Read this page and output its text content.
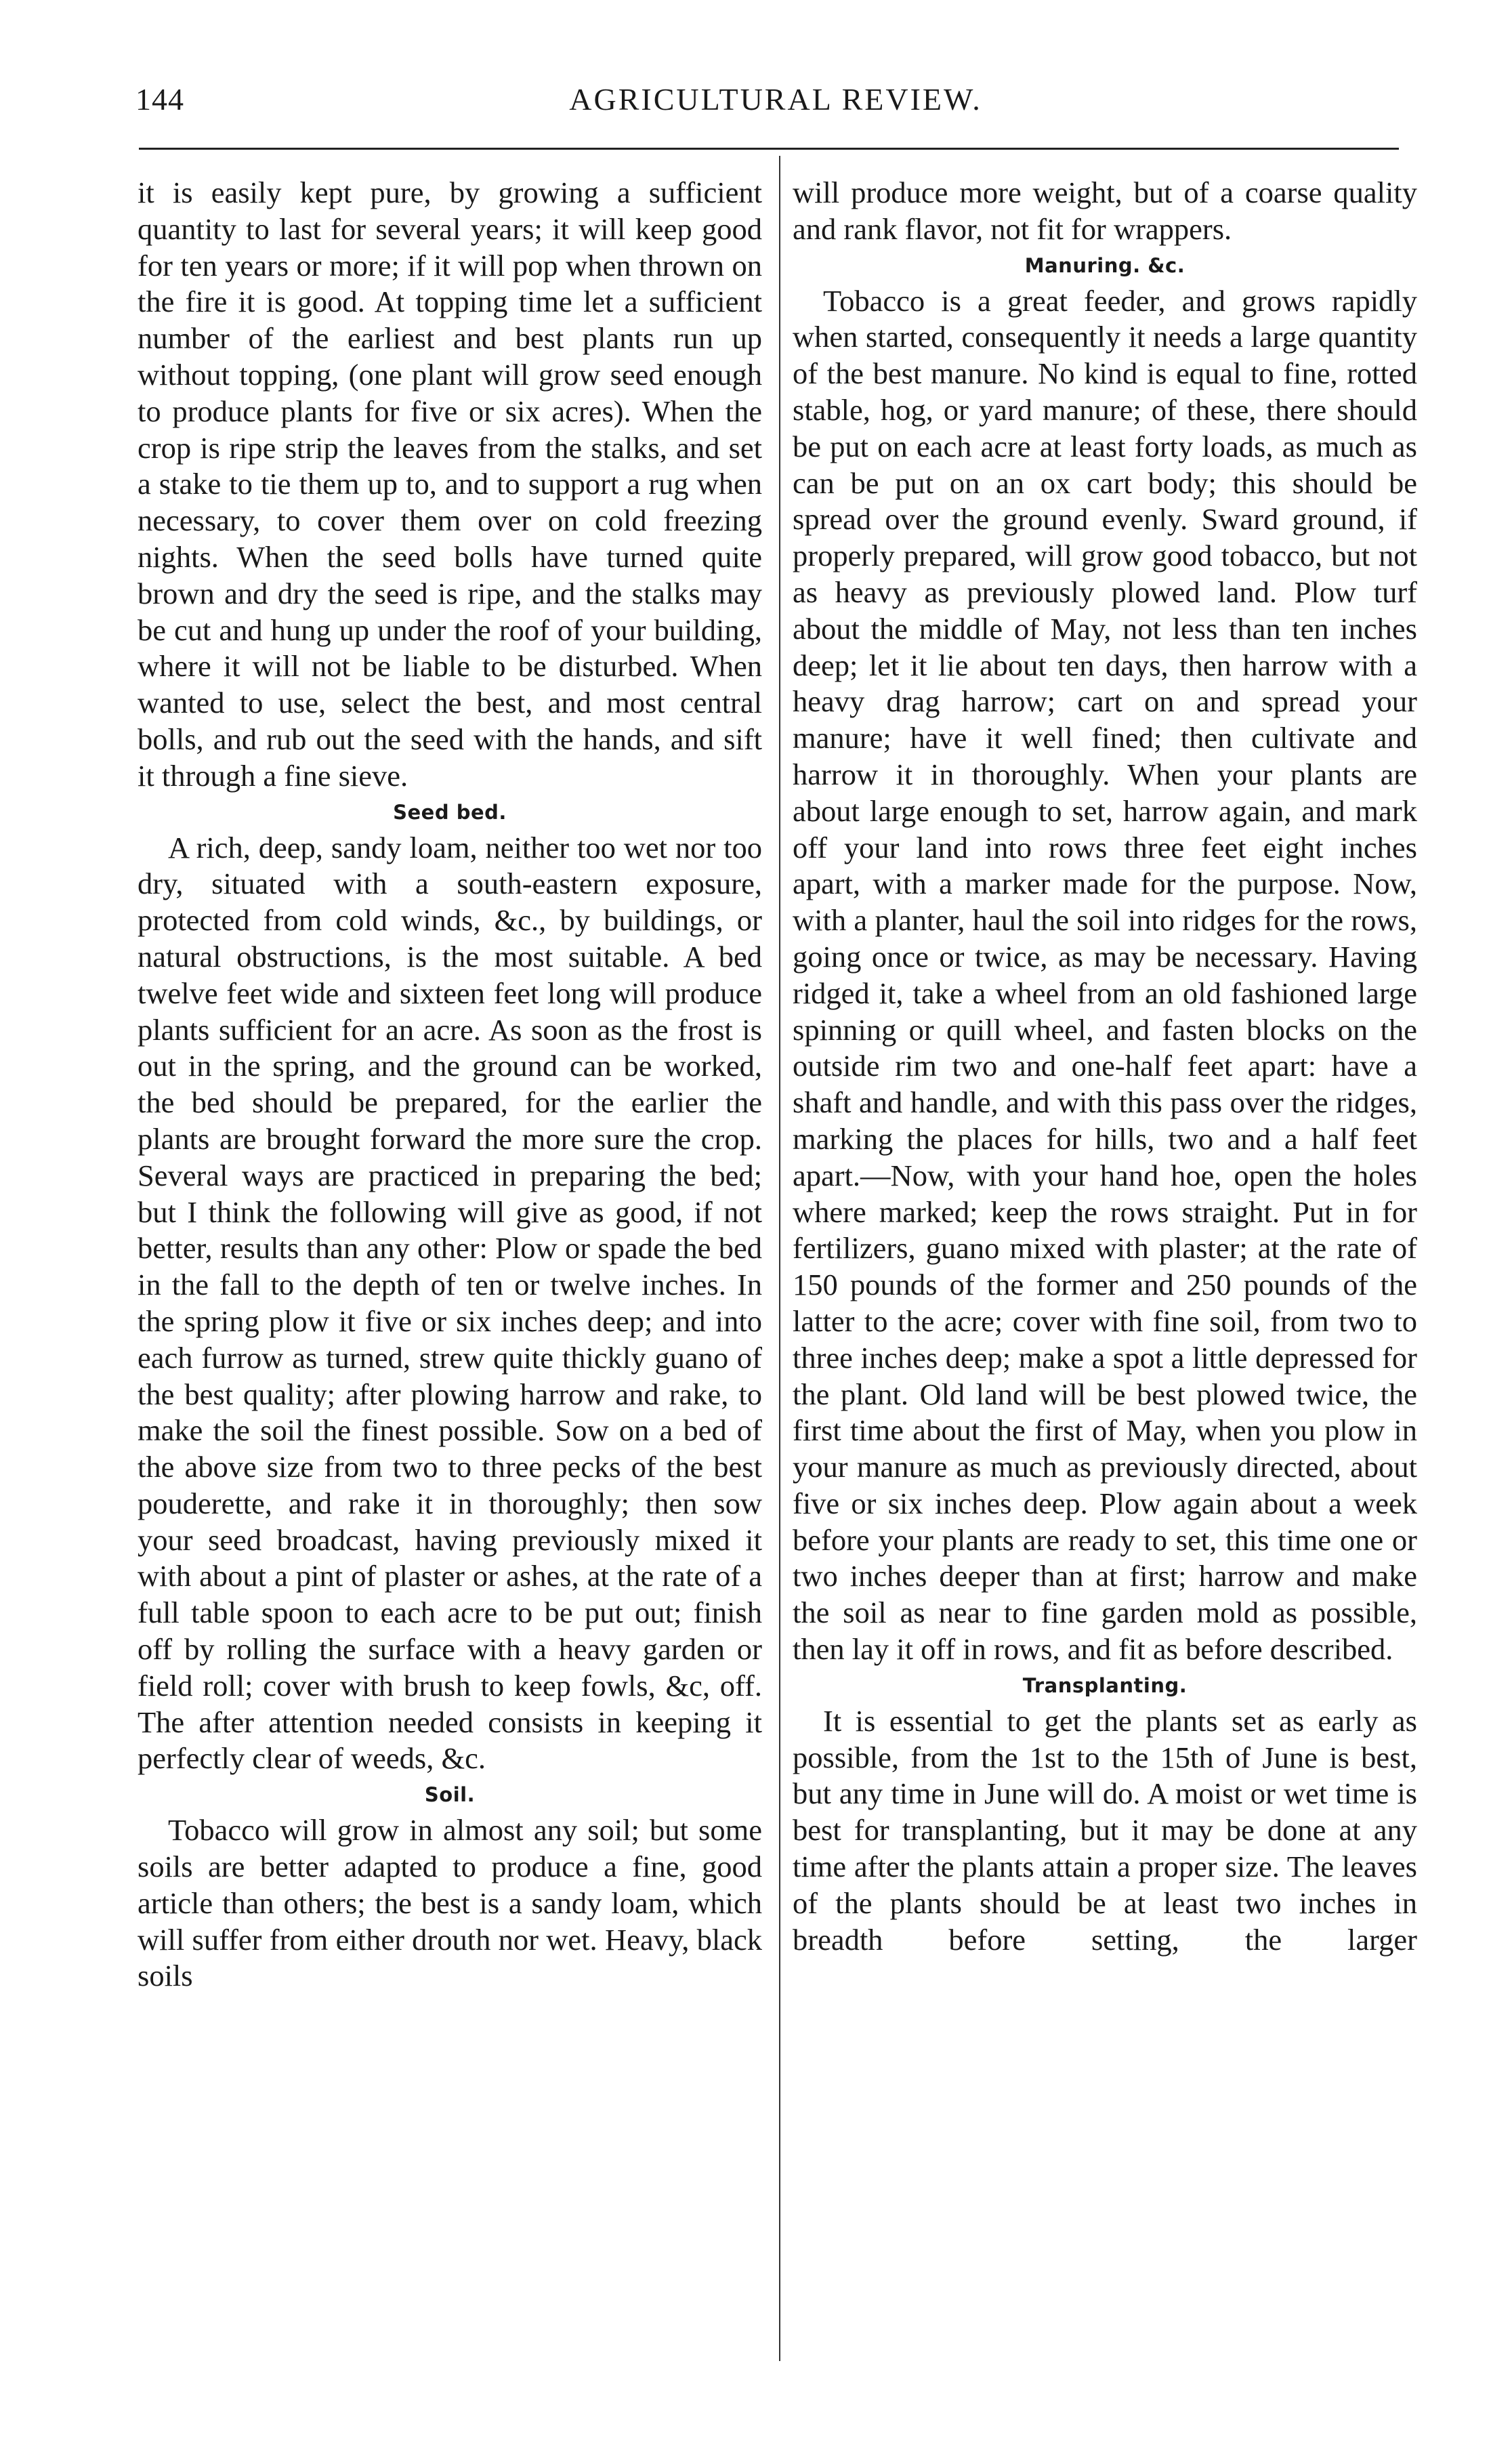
144	AGRICULTURAL REVIEW.

it is easily kept pure, by growing a sufficient quantity to last for several years; it will keep good for ten years or more; if it will pop when thrown on the fire it is good. At topping time let a sufficient number of the earliest and best plants run up without topping, (one plant will grow seed enough to produce plants for five or six acres). When the crop is ripe strip the leaves from the stalks, and set a stake to tie them up to, and to support a rug when necessary, to cover them over on cold freezing nights. When the seed bolls have turned quite brown and dry the seed is ripe, and the stalks may be cut and hung up under the roof of your building, where it will not be liable to be disturbed. When wanted to use, select the best, and most central bolls, and rub out the seed with the hands, and sift it through a fine sieve.

Seed bed.

A rich, deep, sandy loam, neither too wet nor too dry, situated with a south-eastern exposure, protected from cold winds, &c., by buildings, or natural obstructions, is the most suitable. A bed twelve feet wide and sixteen feet long will produce plants sufficient for an acre. As soon as the frost is out in the spring, and the ground can be worked, the bed should be prepared, for the earlier the plants are brought forward the more sure the crop. Several ways are practiced in preparing the bed; but I think the following will give as good, if not better, results than any other: Plow or spade the bed in the fall to the depth of ten or twelve inches. In the spring plow it five or six inches deep; and into each furrow as turned, strew quite thickly guano of the best quality; after plowing harrow and rake, to make the soil the finest possible. Sow on a bed of the above size from two to three pecks of the best pouderette, and rake it in thoroughly; then sow your seed broadcast, having previously mixed it with about a pint of plaster or ashes, at the rate of a full table spoon to each acre to be put out; finish off by rolling the surface with a heavy garden or field roll; cover with brush to keep fowls, &c, off. The after attention needed consists in keeping it perfectly clear of weeds, &c.

Soil.

Tobacco will grow in almost any soil; but some soils are better adapted to produce a fine, good article than others; the best is a sandy loam, which will suffer from either drouth nor wet. Heavy, black soils

will produce more weight, but of a coarse quality and rank flavor, not fit for wrappers.

Manuring. &c.

Tobacco is a great feeder, and grows rapidly when started, consequently it needs a large quantity of the best manure. No kind is equal to fine, rotted stable, hog, or yard manure; of these, there should be put on each acre at least forty loads, as much as can be put on an ox cart body; this should be spread over the ground evenly. Sward ground, if properly prepared, will grow good tobacco, but not as heavy as previously plowed land. Plow turf about the middle of May, not less than ten inches deep; let it lie about ten days, then harrow with a heavy drag harrow; cart on and spread your manure; have it well fined; then cultivate and harrow it in thoroughly. When your plants are about large enough to set, harrow again, and mark off your land into rows three feet eight inches apart, with a marker made for the purpose. Now, with a planter, haul the soil into ridges for the rows, going once or twice, as may be necessary. Having ridged it, take a wheel from an old fashioned large spinning or quill wheel, and fasten blocks on the outside rim two and one-half feet apart: have a shaft and handle, and with this pass over the ridges, marking the places for hills, two and a half feet apart.—Now, with your hand hoe, open the holes where marked; keep the rows straight. Put in for fertilizers, guano mixed with plaster; at the rate of 150 pounds of the former and 250 pounds of the latter to the acre; cover with fine soil, from two to three inches deep; make a spot a little depressed for the plant. Old land will be best plowed twice, the first time about the first of May, when you plow in your manure as much as previously directed, about five or six inches deep. Plow again about a week before your plants are ready to set, this time one or two inches deeper than at first; harrow and make the soil as near to fine garden mold as possible, then lay it off in rows, and fit as before described.

Transplanting.

It is essential to get the plants set as early as possible, from the 1st to the 15th of June is best, but any time in June will do. A moist or wet time is best for transplanting, but it may be done at any time after the plants attain a proper size. The leaves of the plants should be at least two inches in breadth before setting, the larger
